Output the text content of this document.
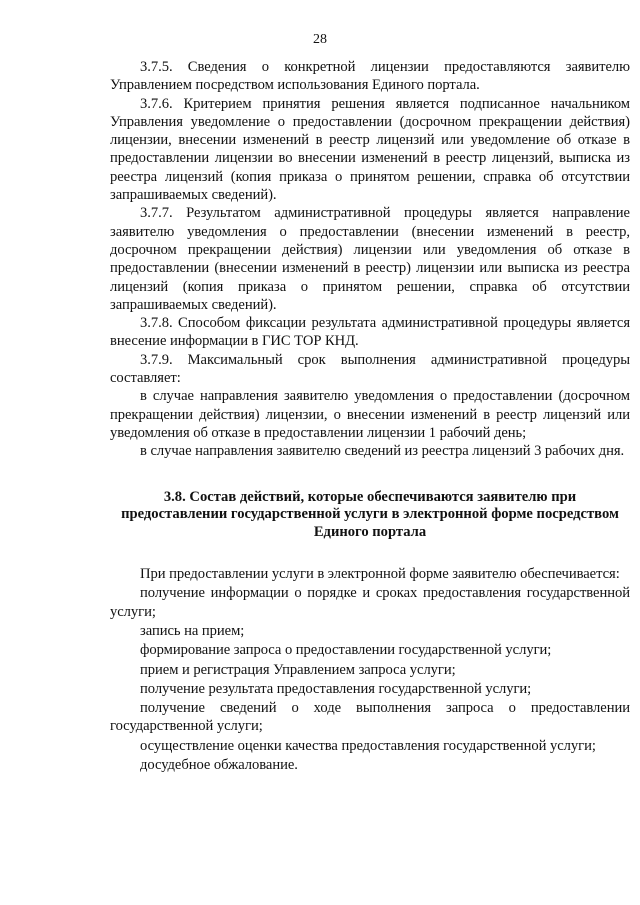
28

3.7.5. Сведения о конкретной лицензии предоставляются заявителю Управлением посредством использования Единого портала.

3.7.6. Критерием принятия решения является подписанное начальником Управления уведомление о предоставлении (досрочном прекращении действия) лицензии, внесении изменений в реестр лицензий или уведомление об отказе в предоставлении лицензии во внесении изменений в реестр лицензий, выписка из реестра лицензий (копия приказа о принятом решении, справка об отсутствии запрашиваемых сведений).

3.7.7. Результатом административной процедуры является направление заявителю уведомления о предоставлении (внесении изменений в реестр, досрочном прекращении действия) лицензии или уведомления об отказе в предоставлении (внесении изменений в реестр) лицензии или выписка из реестра лицензий (копия приказа о принятом решении, справка об отсутствии запрашиваемых сведений).

3.7.8. Способом фиксации результата административной процедуры является внесение информации в ГИС ТОР КНД.

3.7.9. Максимальный срок выполнения административной процедуры составляет:

в случае направления заявителю уведомления о предоставлении (досрочном прекращении действия) лицензии, о внесении изменений в реестр лицензий или уведомления об отказе в предоставлении лицензии 1 рабочий день;

в случае направления заявителю сведений из реестра лицензий 3 рабочих дня.

3.8. Состав действий, которые обеспечиваются заявителю при
предоставлении государственной услуги в электронной форме посредством
Единого портала

При предоставлении услуги в электронной форме заявителю обеспечивается:

получение информации о порядке и сроках предоставления государственной услуги;

запись на прием;

формирование запроса о предоставлении государственной услуги;

прием и регистрация Управлением запроса услуги;

получение результата предоставления государственной услуги;

получение сведений о ходе выполнения запроса о предоставлении государственной услуги;

осуществление оценки качества предоставления государственной услуги;

досудебное обжалование.
